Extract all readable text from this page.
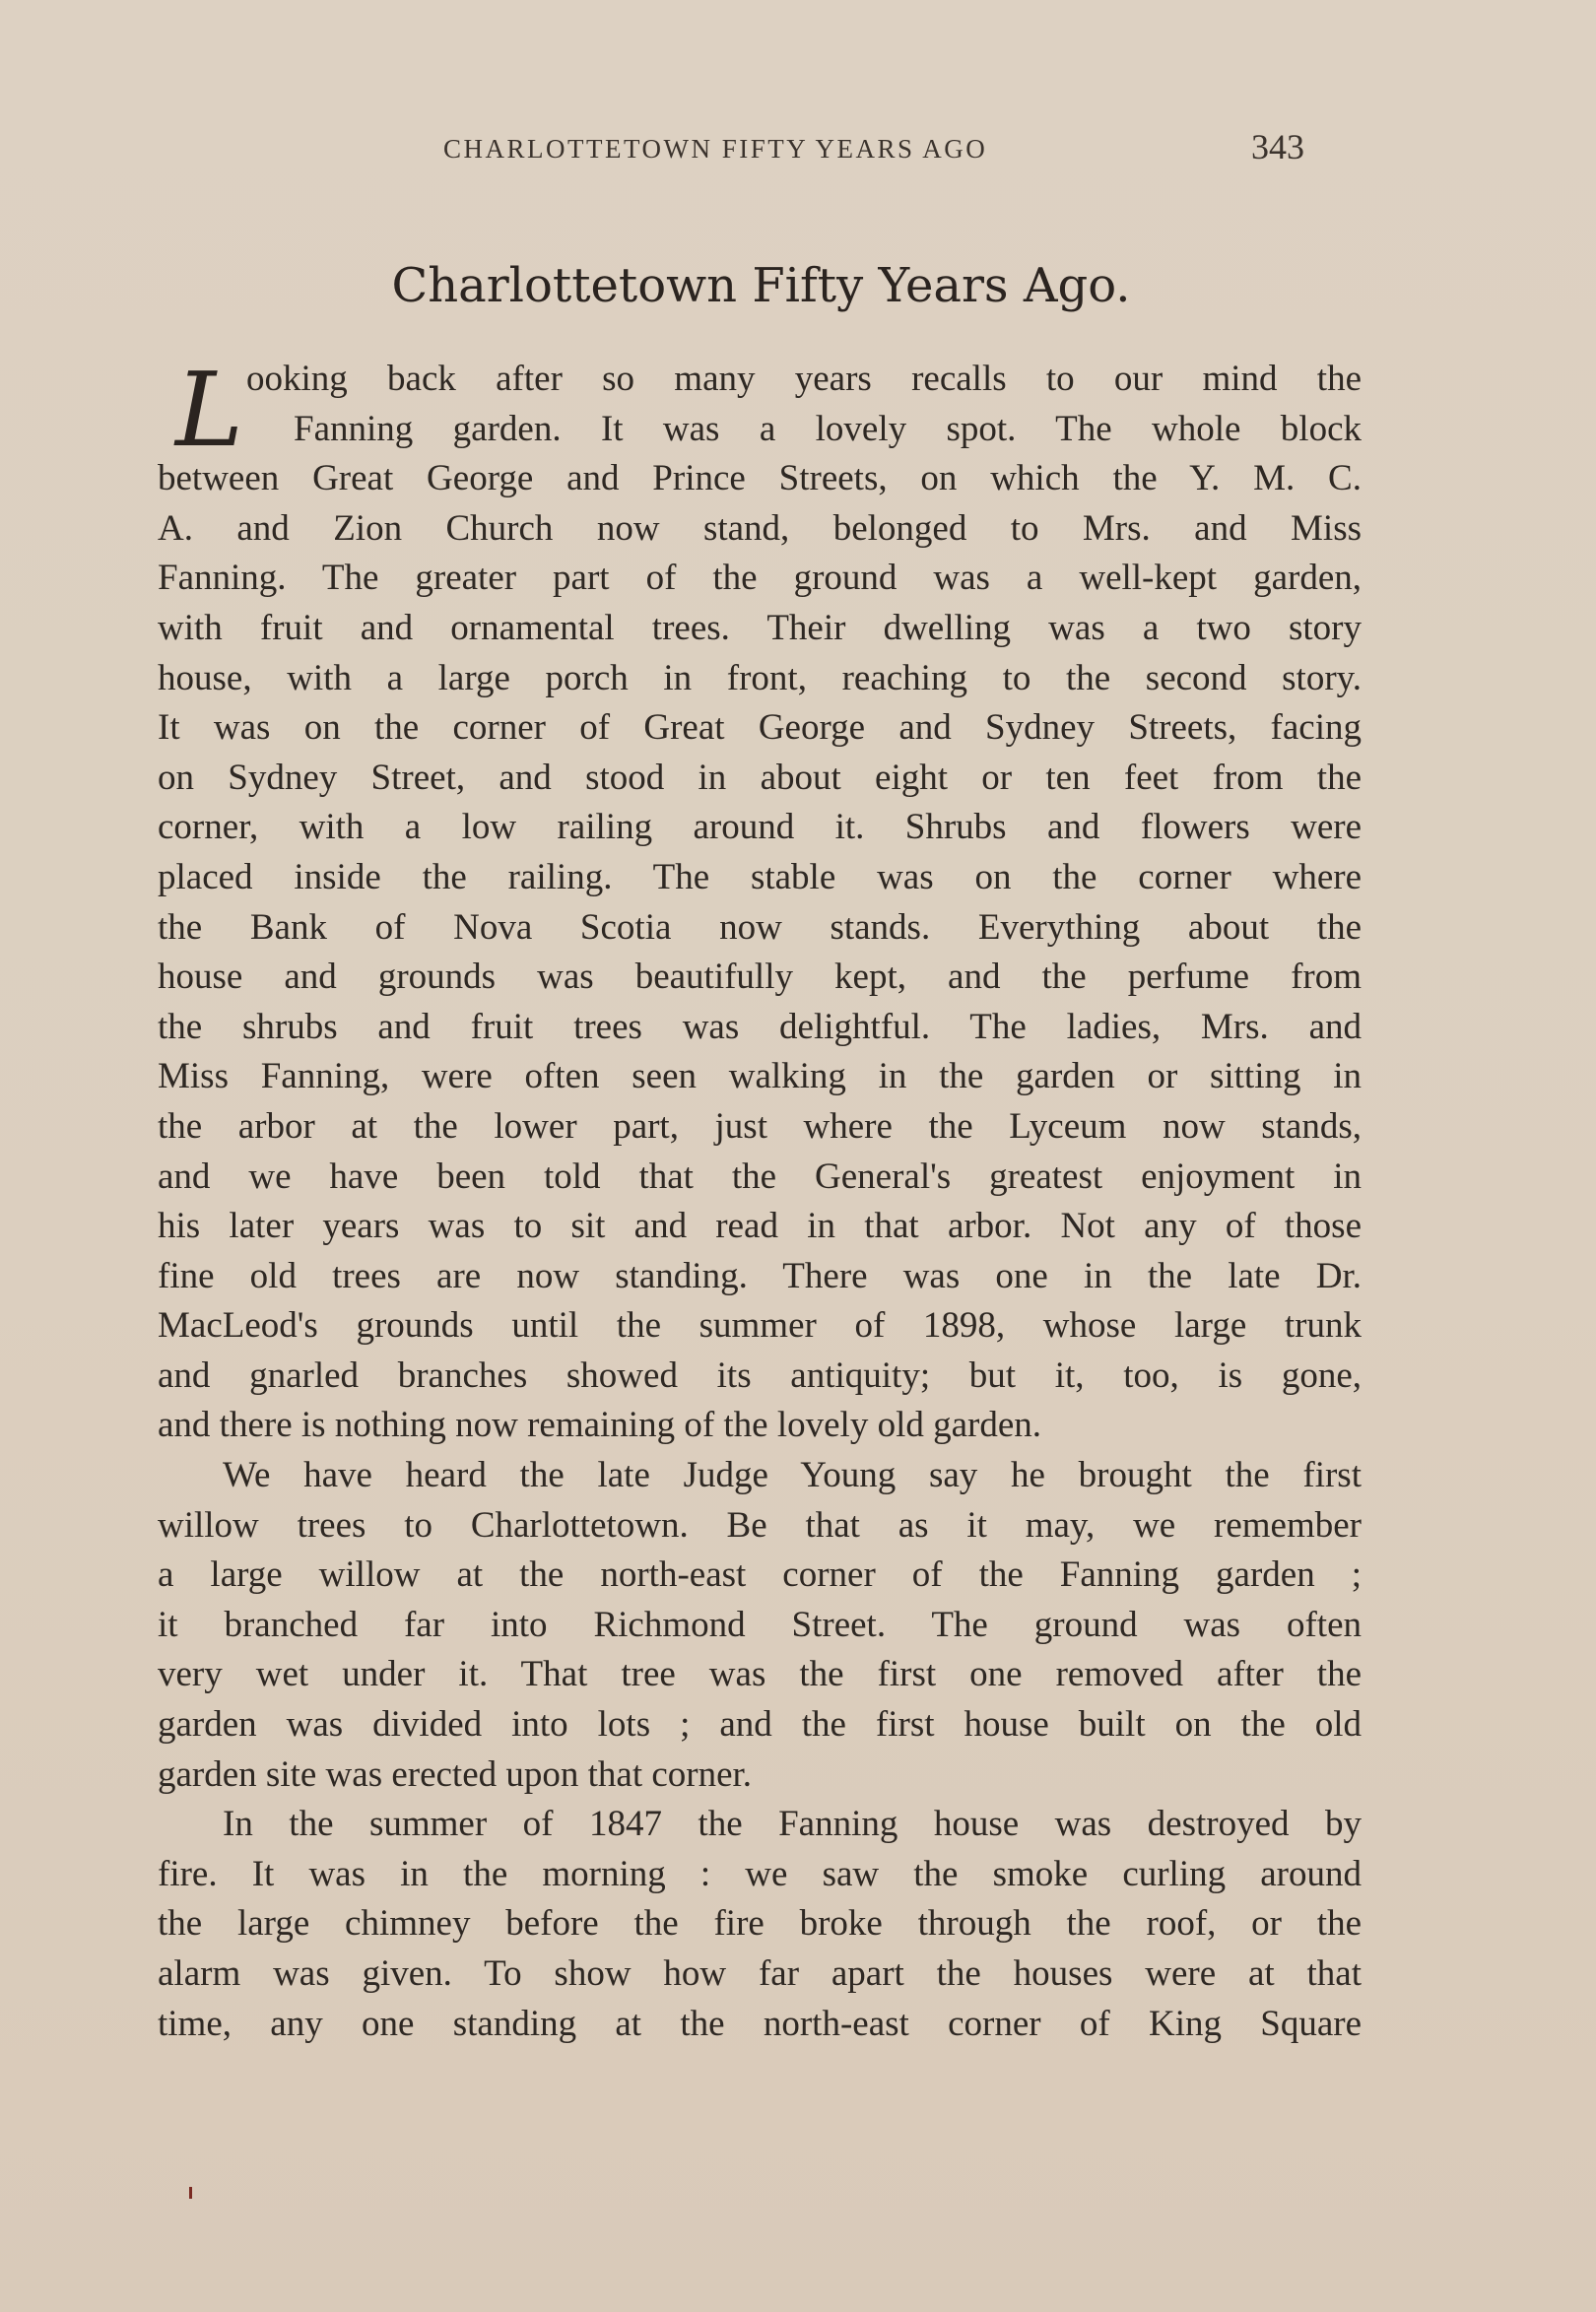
CHARLOTTETOWN FIFTY YEARS AGO	343
Charlottetown Fifty Years Ago.
L ooking back after so many years recalls to our mind the
Fanning garden. It was a lovely spot. The whole block
between Great George and Prince Streets, on which the Y. M. C.
A. and Zion Church now stand, belonged to Mrs. and Miss
Fanning. The greater part of the ground was a well-kept garden,
with fruit and ornamental trees. Their dwelling was a two story
house, with a large porch in front, reaching to the second story.
It was on the corner of Great George and Sydney Streets, facing
on Sydney Street, and stood in about eight or ten feet from the
corner, with a low railing around it. Shrubs and flowers were
placed inside the railing. The stable was on the corner where
the Bank of Nova Scotia now stands. Everything about the
house and grounds was beautifully kept, and the perfume from
the shrubs and fruit trees was delightful. The ladies, Mrs. and
Miss Fanning, were often seen walking in the garden or sitting in
the arbor at the lower part, just where the Lyceum now stands,
and we have been told that the General's greatest enjoyment in
his later years was to sit and read in that arbor. Not any of those
fine old trees are now standing. There was one in the late Dr.
MacLeod's grounds until the summer of 1898, whose large trunk
and gnarled branches showed its antiquity; but it, too, is gone,
and there is nothing now remaining of the lovely old garden.
We have heard the late Judge Young say he brought the first
willow trees to Charlottetown. Be that as it may, we remember
a large willow at the north-east corner of the Fanning garden ;
it branched far into Richmond Street. The ground was often
very wet under it. That tree was the first one removed after the
garden was divided into lots ; and the first house built on the old
garden site was erected upon that corner.
In the summer of 1847 the Fanning house was destroyed by
fire. It was in the morning : we saw the smoke curling around
the large chimney before the fire broke through the roof, or the
alarm was given. To show how far apart the houses were at that
time, any one standing at the north-east corner of King Square
